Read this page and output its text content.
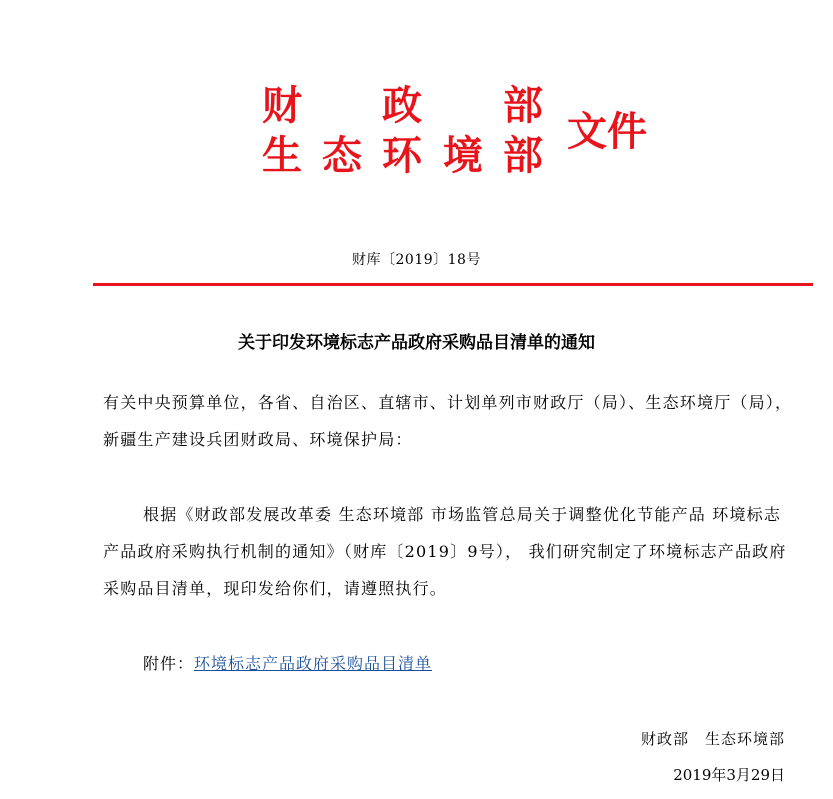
财 政 部
生 态 环 境 部
文件
财库〔2019〕18号
关于印发环境标志产品政府采购品目清单的通知
有关中央预算单位，各省、自治区、直辖市、计划单列市财政厅（局）、生态环境厅（局），新疆生产建设兵团财政局、环境保护局：
根据《财政部发展改革委 生态环境部 市场监管总局关于调整优化节能产品 环境标志产品政府采购执行机制的通知》（财库〔2019〕9号）， 我们研究制定了环境标志产品政府采购品目清单，现印发给你们，请遵照执行。
附件：环境标志产品政府采购品目清单
财政部　生态环境部
2019年3月29日
